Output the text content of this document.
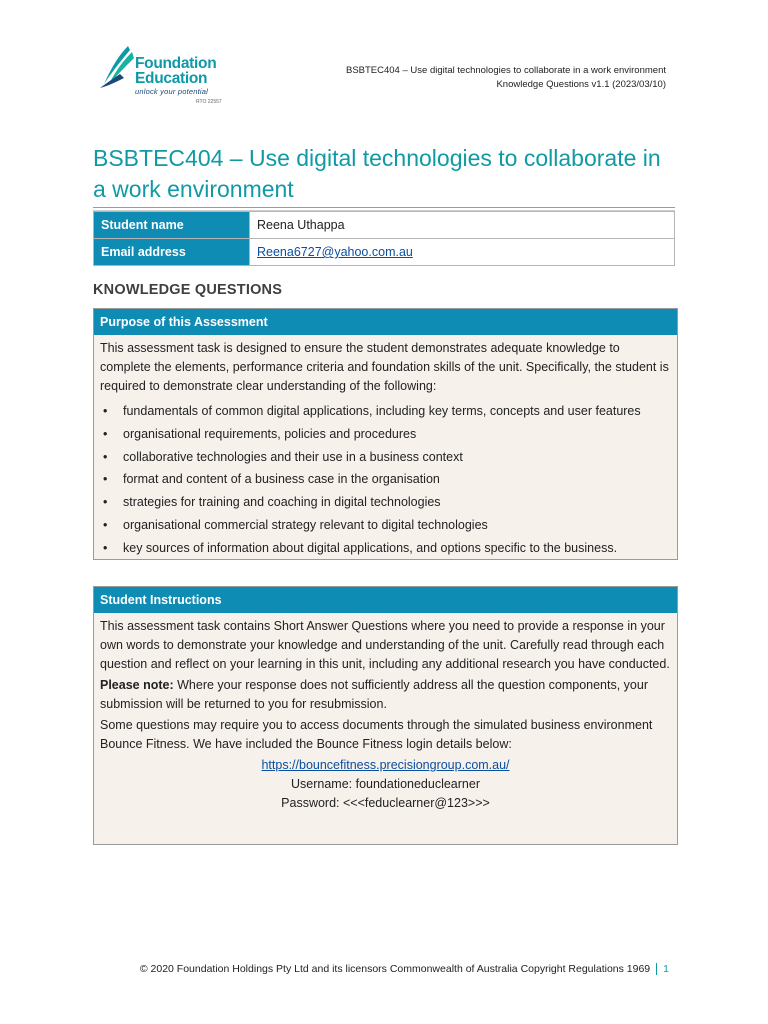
Foundation
Education
unlock your potential
RTO 22557
BSBTEC404 – Use digital technologies to collaborate in a work environment
Knowledge Questions v1.1 (2023/03/10)
BSBTEC404 – Use digital technologies to collaborate in a work environment
Student name	Reena Uthappa
Email address	Reena6727@yahoo.com.au
KNOWLEDGE QUESTIONS
Purpose of this Assessment

This assessment task is designed to ensure the student demonstrates adequate knowledge to complete the elements, performance criteria and foundation skills of the unit. Specifically, the student is required to demonstrate clear understanding of the following:

• fundamentals of common digital applications, including key terms, concepts and user features
• organisational requirements, policies and procedures
• collaborative technologies and their use in a business context
• format and content of a business case in the organisation
• strategies for training and coaching in digital technologies
• organisational commercial strategy relevant to digital technologies
• key sources of information about digital applications, and options specific to the business.
Student Instructions

This assessment task contains Short Answer Questions where you need to provide a response in your own words to demonstrate your knowledge and understanding of the unit. Carefully read through each question and reflect on your learning in this unit, including any additional research you have conducted.

Please note: Where your response does not sufficiently address all the question components, your submission will be returned to you for resubmission.

Some questions may require you to access documents through the simulated business environment Bounce Fitness. We have included the Bounce Fitness login details below:

https://bouncefitness.precisiongroup.com.au/
Username: foundationeduclearner
Password: <<<feduclearner@123>>>
© 2020 Foundation Holdings Pty Ltd and its licensors Commonwealth of Australia Copyright Regulations 1969 1
